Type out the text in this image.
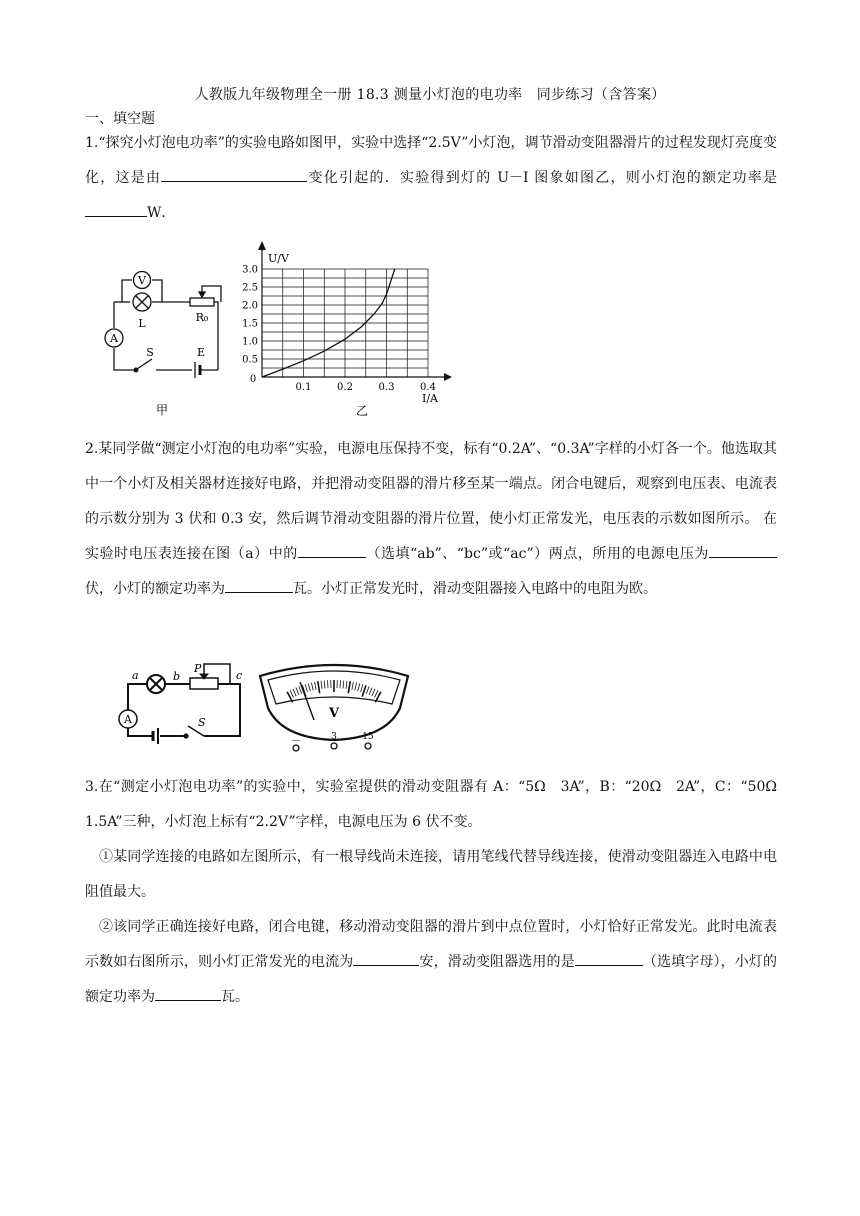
人教版九年级物理全一册 18.3 测量小灯泡的电功率　同步练习（含答案）
一、填空题

1.“探究小灯泡电功率”的实验电路如图甲，实验中选择“2.5V”小灯泡，调节滑动变阻器滑片的过程发现灯亮度变化，这是由	变化引起的．实验得到灯的 U－I 图象如图乙，则小灯泡的额定功率是W．

V
A
L	R₀
S	E
甲
0.1	0.2	0.3	0.4
0.5
1.0
1.5
2.0
2.5
3.0
U/V
I/A
0
乙

2.某同学做“测定小灯泡的电功率”实验，电源电压保持不变，标有“0.2A”、“0.3A”字样的小灯各一个。他选取其中一个小灯及相关器材连接好电路，并把滑动变阻器的滑片移至某一端点。闭合电键后，观察到电压表、电流表的示数分别为 3 伏和 0.3 安，然后调节滑动变阻器的滑片位置，使小灯正常发光，电压表的示数如图所示。 在实验时电压表连接在图（a）中的	（选填“ab”、“bc”或“ac”）两点，所用的电源电压为伏，小灯的额定功率为	瓦。小灯正常发光时，滑动变阻器接入电路中的电阻为欧。

A
a	b	c
P
S
V
－	3	15

3.在“测定小灯泡电功率”的实验中，实验室提供的滑动变阻器有 A：“5Ω　3A”，B：“20Ω　2A”，C：“50Ω　1.5A”三种，小灯泡上标有“2.2V”字样，电源电压为 6 伏不变。

①某同学连接的电路如左图所示，有一根导线尚未连接，请用笔线代替导线连接，使滑动变阻器连入电路中电阻值最大。

②该同学正确连接好电路，闭合电键，移动滑动变阻器的滑片到中点位置时，小灯恰好正常发光。此时电流表示数如右图所示，则小灯正常发光的电流为	安，滑动变阻器选用的是	（选填字母），小灯的额定功率为	瓦。
